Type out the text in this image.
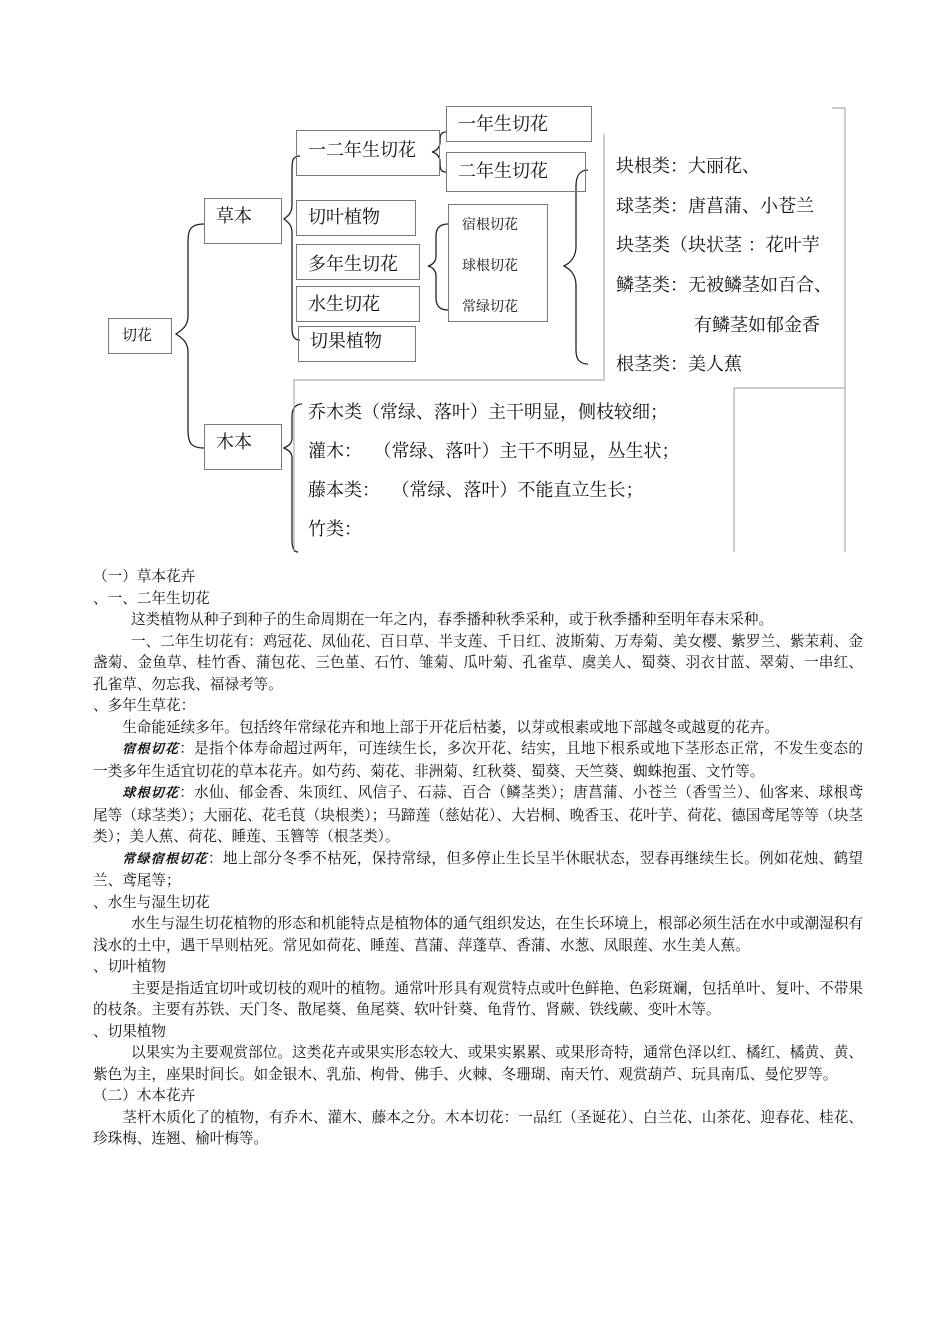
切花
草本
木本
一二年生切花
一年生切花
二年生切花
切叶植物
多年生切花
水生切花
切果植物
宿根切花
球根切花
常绿切花
块根类：大丽花、
球茎类：唐菖蒲、小苍兰
块茎类（块状茎 ：花叶芋
鳞茎类：无被鳞茎如百合、
有鳞茎如郁金香
根茎类：美人蕉
乔木类（常绿、落叶）主干明显，侧枝较细；
灌木：  （常绿、落叶）主干不明显，丛生状；
藤本类：  （常绿、落叶）不能直立生长；
竹类：

（一）草本花卉

、一、二年生切花

这类植物从种子到种子的生命周期在一年之内，春季播种秋季采种，或于秋季播种至明年春末采种。

一、二年生切花有：鸡冠花、凤仙花、百日草、半支莲、千日红、波斯菊、万寿菊、美女樱、紫罗兰、紫茉莉、金盏菊、金鱼草、桂竹香、蒲包花、三色堇、石竹、雏菊、瓜叶菊、孔雀草、虞美人、蜀葵、羽衣甘蓝、翠菊、一串红、孔雀草、勿忘我、福禄考等。

、多年生草花：

生命能延续多年。包括终年常绿花卉和地上部于开花后枯萎，以芽或根素或地下部越冬或越夏的花卉。

宿根切花：是指个体寿命超过两年，可连续生长，多次开花、结实，且地下根系或地下茎形态正常，不发生变态的一类多年生适宜切花的草本花卉。如芍药、菊花、非洲菊、红秋葵、蜀葵、天竺葵、蜘蛛抱蛋、文竹等。

球根切花：水仙、郁金香、朱顶红、风信子、石蒜、百合（鳞茎类）；唐菖蒲、小苍兰（香雪兰）、仙客来、球根鸢尾等（球茎类）；大丽花、花毛茛（块根类）；马蹄莲（慈姑花）、大岩桐、晚香玉、花叶芋、荷花、德国鸢尾等等（块茎类）；美人蕉、荷花、睡莲、玉簪等（根茎类）。

常绿宿根切花：地上部分冬季不枯死，保持常绿，但多停止生长呈半休眠状态，翌春再继续生长。例如花烛、鹤望兰、鸢尾等；

、水生与湿生切花

水生与湿生切花植物的形态和机能特点是植物体的通气组织发达，在生长环境上，根部必须生活在水中或潮湿积有浅水的土中，遇干旱则枯死。常见如荷花、睡莲、菖蒲、萍蓬草、香蒲、水葱、凤眼莲、水生美人蕉。

、切叶植物

主要是指适宜切叶或切枝的观叶的植物。通常叶形具有观赏特点或叶色鲜艳、色彩斑斓，包括单叶、复叶、不带果的枝条。主要有苏铁、天门冬、散尾葵、鱼尾葵、软叶针葵、龟背竹、肾蕨、铁线蕨、变叶木等。

、切果植物

以果实为主要观赏部位。这类花卉或果实形态较大、或果实累累、或果形奇特，通常色泽以红、橘红、橘黄、黄、紫色为主，座果时间长。如金银木、乳茄、枸骨、佛手、火棘、冬珊瑚、南天竹、观赏葫芦、玩具南瓜、曼佗罗等。

（二）木本花卉

茎杆木质化了的植物，有乔木、灌木、藤本之分。木本切花：一品红（圣诞花）、白兰花、山茶花、迎春花、桂花、珍珠梅、连翘、榆叶梅等。
